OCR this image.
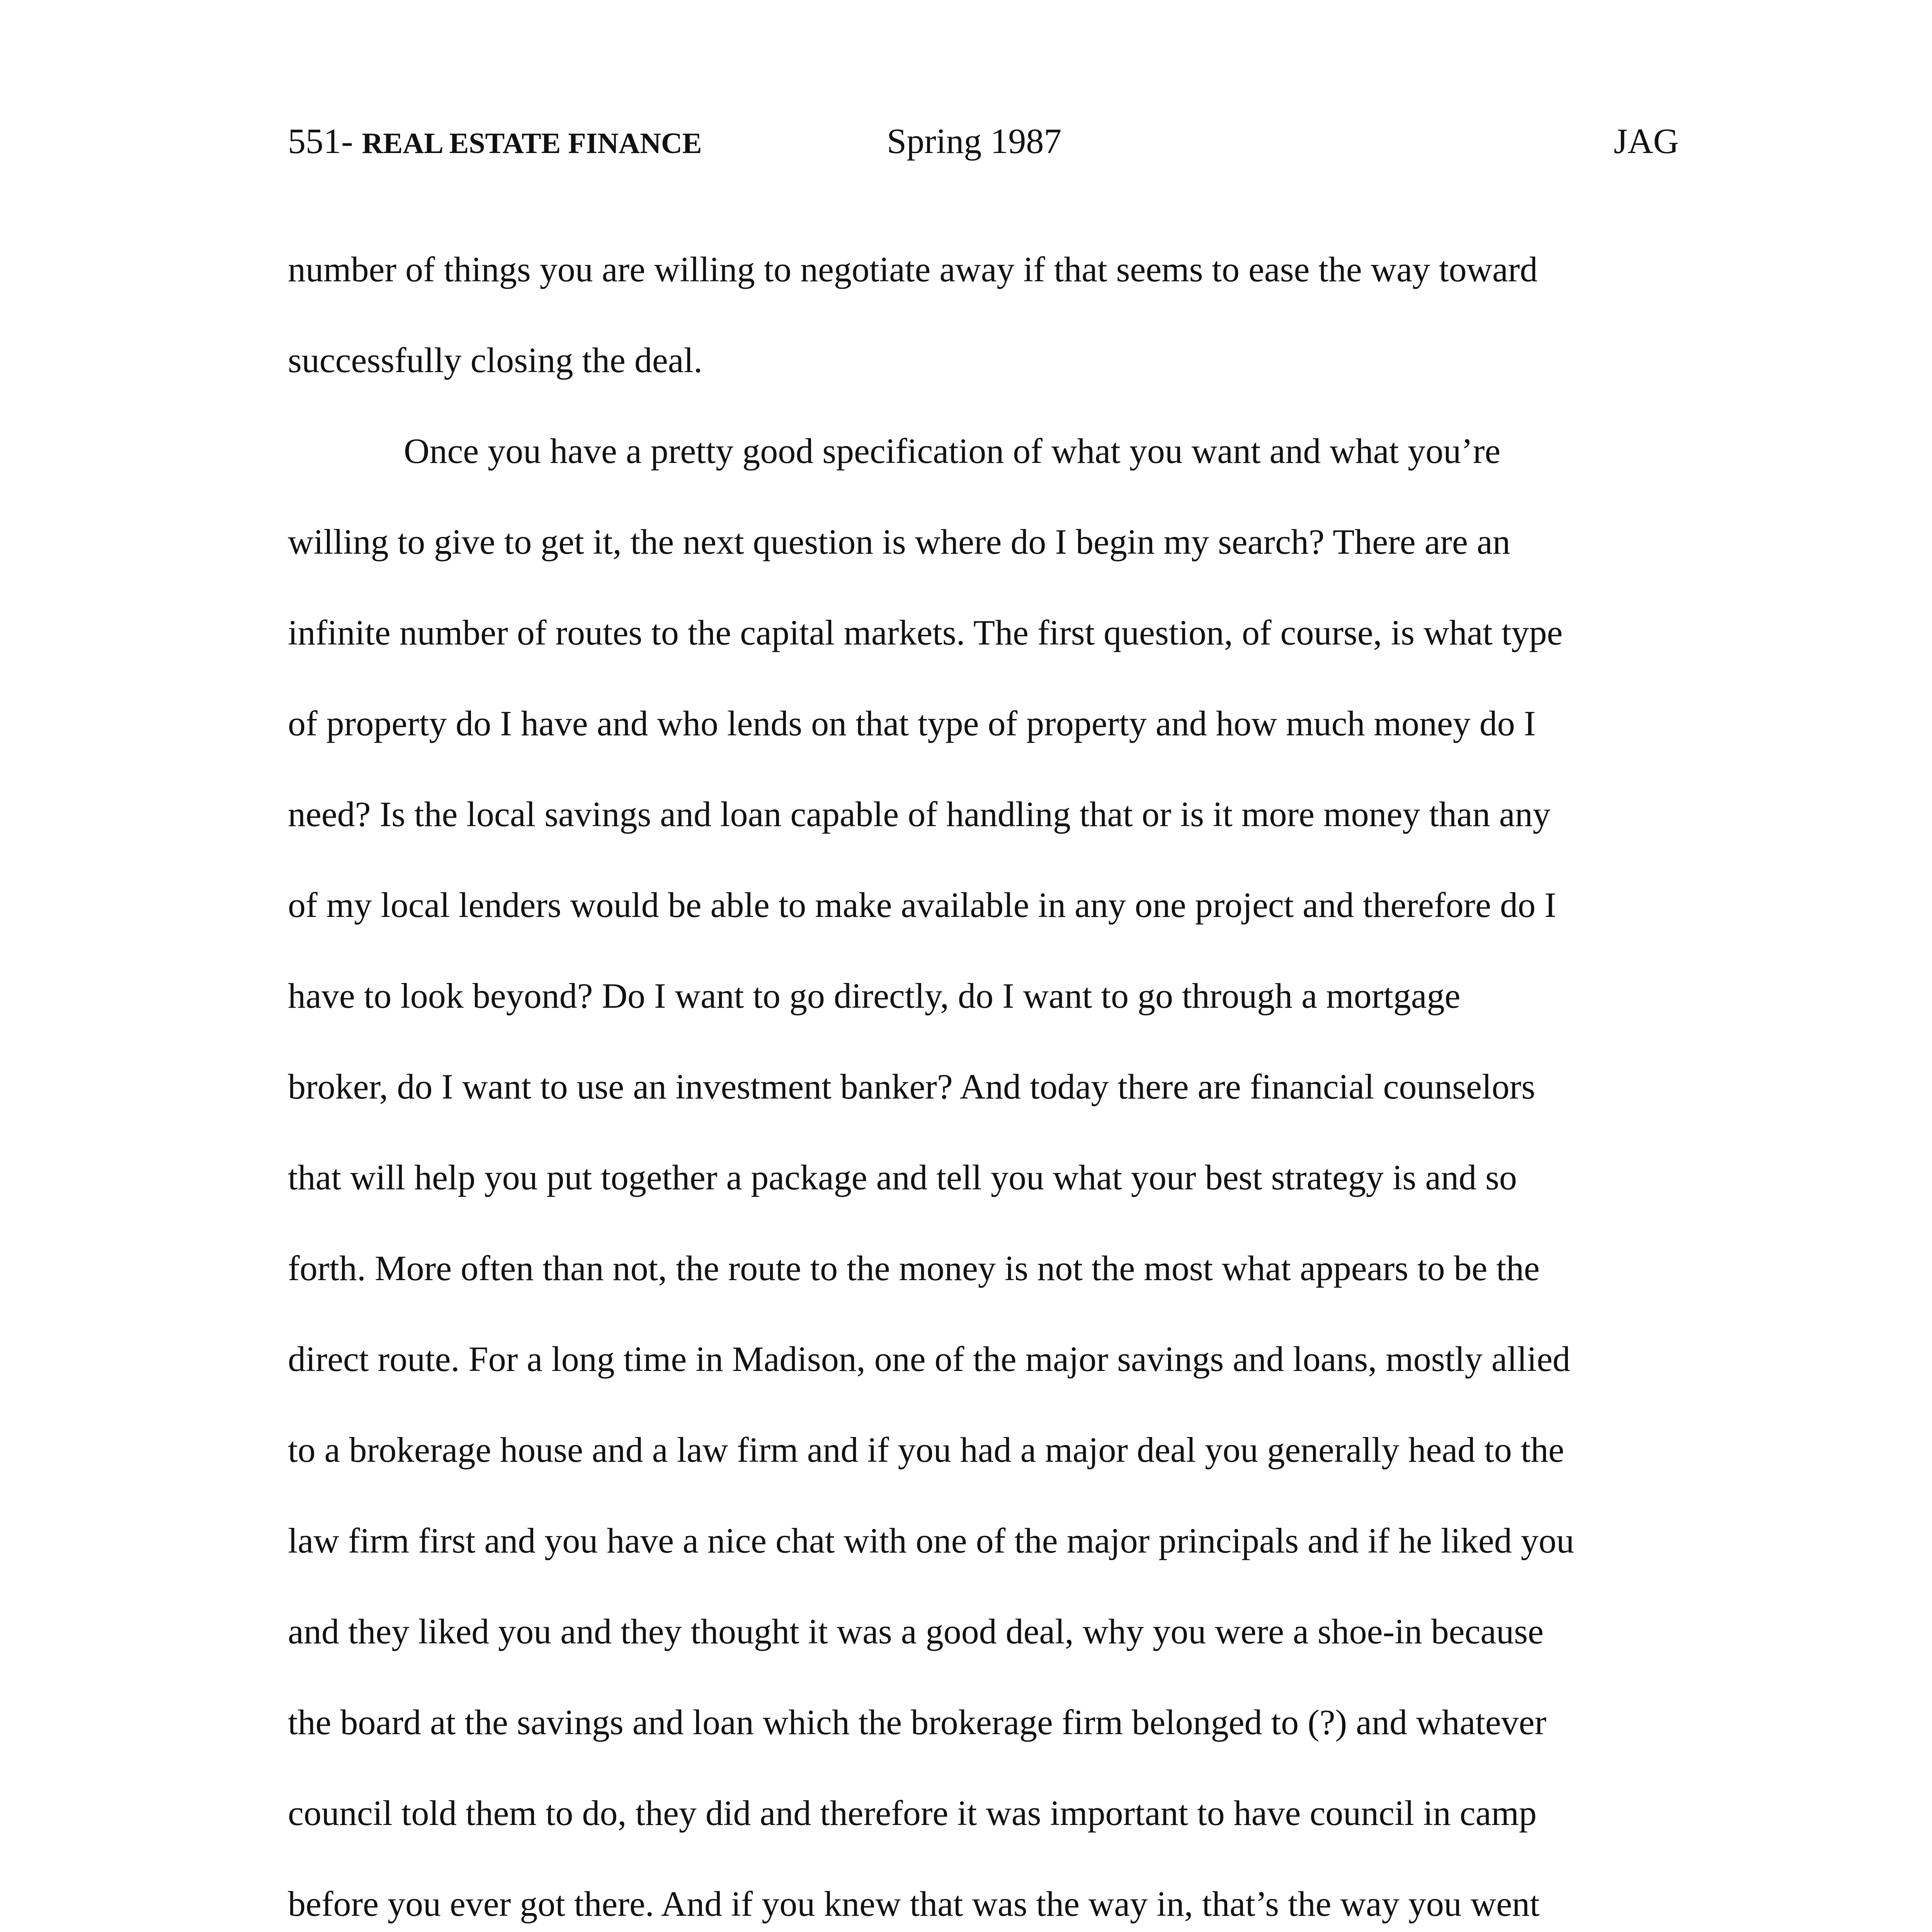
551- REAL ESTATE FINANCE	Spring 1987	JAG

number of things you are willing to negotiate away if that seems to ease the way toward
successfully closing the deal.

Once you have a pretty good specification of what you want and what you’re
willing to give to get it, the next question is where do I begin my search? There are an
infinite number of routes to the capital markets. The first question, of course, is what type
of property do I have and who lends on that type of property and how much money do I
need? Is the local savings and loan capable of handling that or is it more money than any
of my local lenders would be able to make available in any one project and therefore do I
have to look beyond? Do I want to go directly, do I want to go through a mortgage
broker, do I want to use an investment banker? And today there are financial counselors
that will help you put together a package and tell you what your best strategy is and so
forth. More often than not, the route to the money is not the most what appears to be the
direct route. For a long time in Madison, one of the major savings and loans, mostly allied
to a brokerage house and a law firm and if you had a major deal you generally head to the
law firm first and you have a nice chat with one of the major principals and if he liked you
and they liked you and they thought it was a good deal, why you were a shoe-in because
the board at the savings and loan which the brokerage firm belonged to (?) and whatever
council told them to do, they did and therefore it was important to have council in camp
before you ever got there. And if you knew that was the way in, that’s the way you went
